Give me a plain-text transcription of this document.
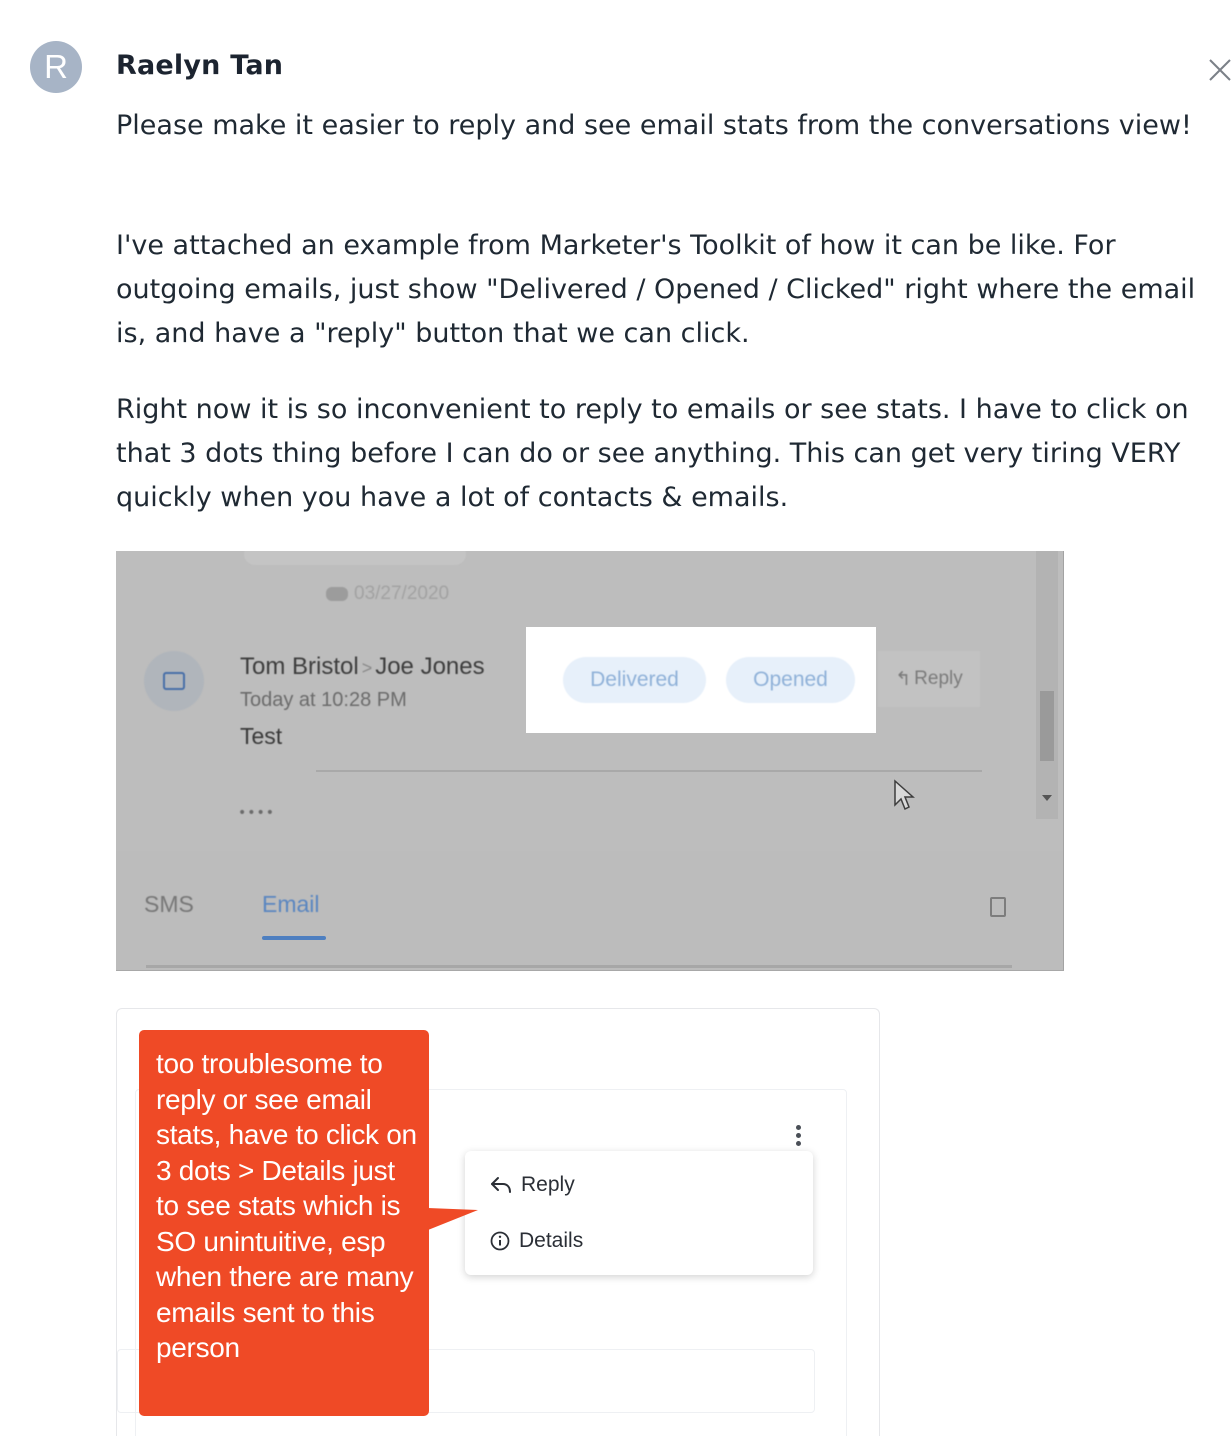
R	Raelyn Tan

Please make it easier to reply and see email stats from the conversations view!

I've attached an example from Marketer's Toolkit of how it can be like. For outgoing emails, just show "Delivered / Opened / Clicked" right where the email is, and have a "reply" button that we can click.

Right now it is so inconvenient to reply to emails or see stats. I have to click on that 3 dots thing before I can do or see anything. This can get very tiring VERY quickly when you have a lot of contacts & emails.

03/27/2020
Tom Bristol > Joe Jones
Today at 10:28 PM
Test
Delivered	Opened	↰ Reply
••••
SMS	Email
Reply
Details
too troublesome to reply or see email stats, have to click on 3 dots > Details just to see stats which is SO unintuitive, esp when there are many emails sent to this person
